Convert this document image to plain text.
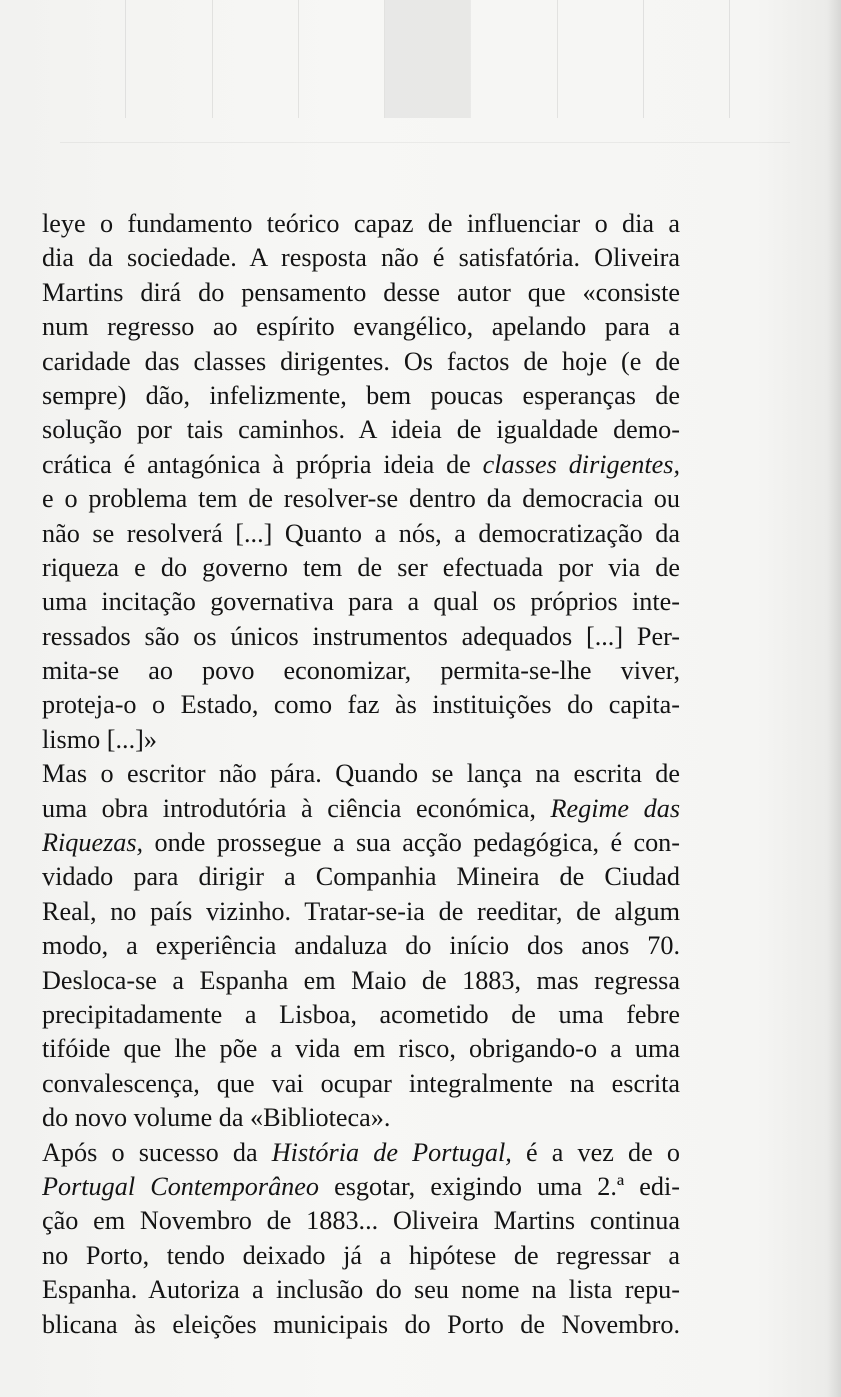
leye o fundamento teórico capaz de influenciar o dia a
dia da sociedade. A resposta não é satisfatória. Oliveira
Martins dirá do pensamento desse autor que «consiste
num regresso ao espírito evangélico, apelando para a
caridade das classes dirigentes. Os factos de hoje (e de
sempre) dão, infelizmente, bem poucas esperanças de
solução por tais caminhos. A ideia de igualdade demo-
crática é antagónica à própria ideia de classes dirigentes,
e o problema tem de resolver-se dentro da democracia ou
não se resolverá [...] Quanto a nós, a democratização da
riqueza e do governo tem de ser efectuada por via de
uma incitação governativa para a qual os próprios inte-
ressados são os únicos instrumentos adequados [...] Per-
mita-se ao povo economizar, permita-se-lhe viver,
proteja-o o Estado, como faz às instituições do capita-
lismo [...]»
Mas o escritor não pára. Quando se lança na escrita de
uma obra introdutória à ciência económica, Regime das
Riquezas, onde prossegue a sua acção pedagógica, é con-
vidado para dirigir a Companhia Mineira de Ciudad
Real, no país vizinho. Tratar-se-ia de reeditar, de algum
modo, a experiência andaluza do início dos anos 70.
Desloca-se a Espanha em Maio de 1883, mas regressa
precipitadamente a Lisboa, acometido de uma febre
tifóide que lhe põe a vida em risco, obrigando-o a uma
convalescença, que vai ocupar integralmente na escrita
do novo volume da «Biblioteca».
Após o sucesso da História de Portugal, é a vez de o
Portugal Contemporâneo esgotar, exigindo uma 2.ª edi-
ção em Novembro de 1883... Oliveira Martins continua
no Porto, tendo deixado já a hipótese de regressar a
Espanha. Autoriza a inclusão do seu nome na lista repu-
blicana às eleições municipais do Porto de Novembro.
